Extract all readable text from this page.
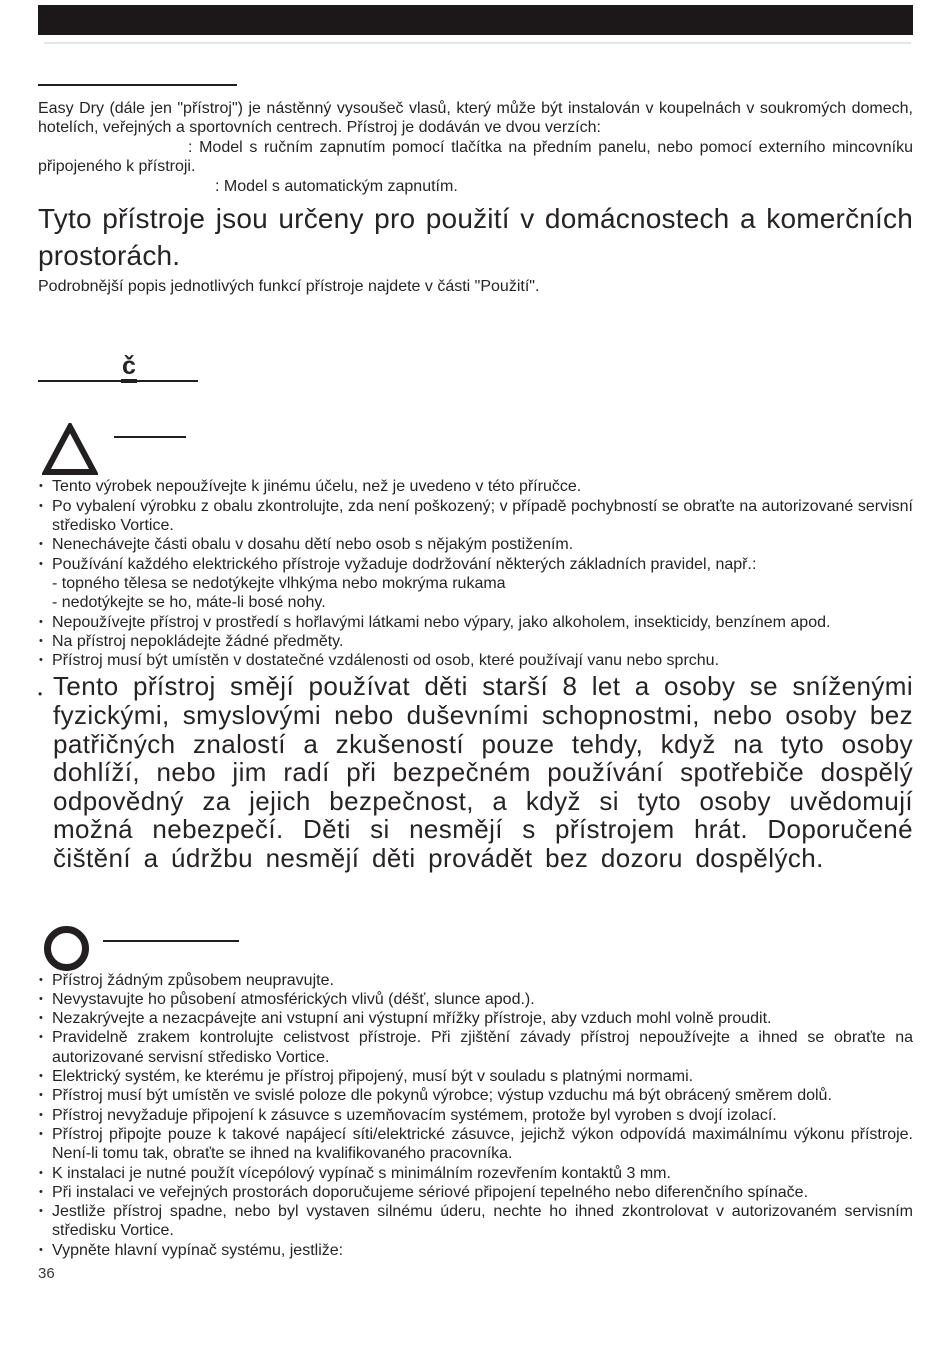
Easy Dry (dále jen "přístroj") je nástěnný vysoušeč vlasů, který může být instalován v koupelnách v soukromých domech, hotelích, veřejných a sportovních centrech. Přístroj je dodáván ve dvou verzích:

: Model s ručním zapnutím pomocí tlačítka na předním panelu, nebo pomocí externího mincovníku připojeného k přístroji.

: Model s automatickým zapnutím.

Tyto přístroje jsou určeny pro použití v domácnostech a komerčních prostorách.

Podrobnější popis jednotlivých funkcí přístroje najdete v části "Použití".

č
• Tento výrobek nepoužívejte k jinému účelu, než je uvedeno v této příručce.
• Po vybalení výrobku z obalu zkontrolujte, zda není poškozený; v případě pochybností se obraťte na autorizované servisní středisko Vortice.
• Nenechávejte části obalu v dosahu dětí nebo osob s nějakým postižením.
• Používání každého elektrického přístroje vyžaduje dodržování některých základních pravidel, např.:
- topného tělesa se nedotýkejte vlhkýma nebo mokrýma rukama
- nedotýkejte se ho, máte-li bosé nohy.
• Nepoužívejte přístroj v prostředí s hořlavými látkami nebo výpary, jako alkoholem, insekticidy, benzínem apod.
• Na přístroj nepokládejte žádné předměty.
• Přístroj musí být umístěn v dostatečné vzdálenosti od osob, které používají vanu nebo sprchu.
• Tento přístroj smějí používat děti starší 8 let a osoby se sníženými fyzickými, smyslovými nebo duševními schopnostmi, nebo osoby bez patřičných znalostí a zkušeností pouze tehdy, když na tyto osoby dohlíží, nebo jim radí při bezpečném používání spotřebiče dospělý odpovědný za jejich bezpečnost, a když si tyto osoby uvědomují možná nebezpečí. Děti si nesmějí s přístrojem hrát. Doporučené čištění a údržbu nesmějí děti provádět bez dozoru dospělých.
• Přístroj žádným způsobem neupravujte.
• Nevystavujte ho působení atmosférických vlivů (déšť, slunce apod.).
• Nezakrývejte a nezacpávejte ani vstupní ani výstupní mřížky přístroje, aby vzduch mohl volně proudit.
• Pravidelně zrakem kontrolujte celistvost přístroje. Při zjištění závady přístroj nepoužívejte a ihned se obraťte na autorizované servisní středisko Vortice.
• Elektrický systém, ke kterému je přístroj připojený, musí být v souladu s platnými normami.
• Přístroj musí být umístěn ve svislé poloze dle pokynů výrobce; výstup vzduchu má být obrácený směrem dolů.
• Přístroj nevyžaduje připojení k zásuvce s uzemňovacím systémem, protože byl vyroben s dvojí izolací.
• Přístroj připojte pouze k takové napájecí síti/elektrické zásuvce, jejichž výkon odpovídá maximálnímu výkonu přístroje. Není-li tomu tak, obraťte se ihned na kvalifikovaného pracovníka.
• K instalaci je nutné použít vícepólový vypínač s minimálním rozevřením kontaktů 3 mm.
• Při instalaci ve veřejných prostorách doporučujeme sériové připojení tepelného nebo diferenčního spínače.
• Jestliže přístroj spadne, nebo byl vystaven silnému úderu, nechte ho ihned zkontrolovat v autorizovaném servisním středisku Vortice.
• Vypněte hlavní vypínač systému, jestliže:
36
